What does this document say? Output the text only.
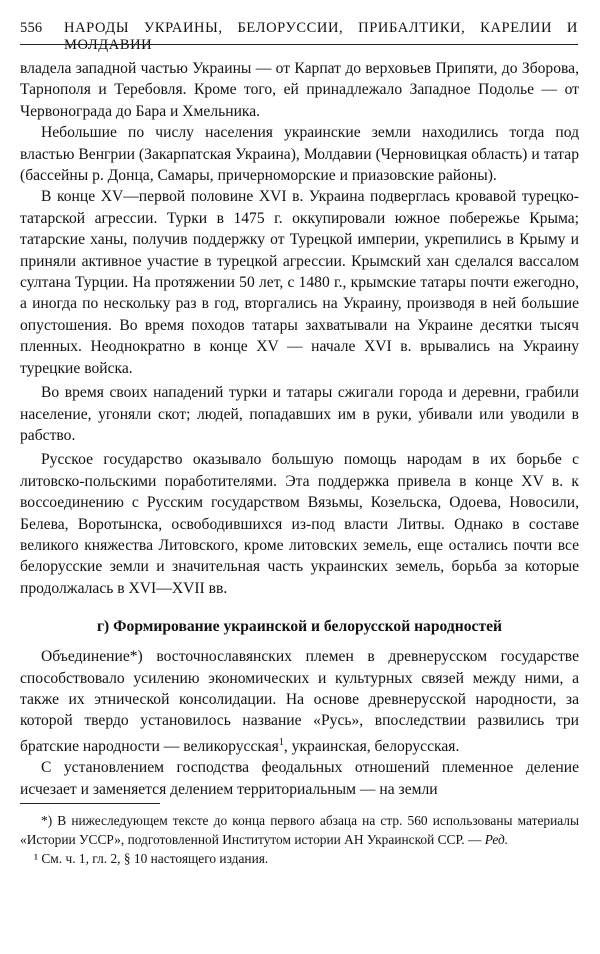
556 НАРОДЫ УКРАИНЫ, БЕЛОРУССИИ, ПРИБАЛТИКИ, КАРЕЛИИ И МОЛДАВИИ

владела западной частью Украины — от Карпат до верховьев Припяти, до Зборова, Тарнополя и Теребовля. Кроме того, ей принадлежало Западное Подолье — от Червонограда до Бара и Хмельника.

Небольшие по числу населения украинские земли находились тогда под властью Венгрии (Закарпатская Украина), Молдавии (Черновицкая область) и татар (бассейны р. Донца, Самары, причерноморские и приазовские районы).

В конце XV—первой половине XVI в. Украина подверглась кровавой турецко-татарской агрессии. Турки в 1475 г. оккупировали южное побережье Крыма; татарские ханы, получив поддержку от Турецкой империи, укрепились в Крыму и приняли активное участие в турецкой агрессии. Крымский хан сделался вассалом султана Турции. На протяжении 50 лет, с 1480 г., крымские татары почти ежегодно, а иногда по нескольку раз в год, вторгались на Украину, производя в ней большие опустошения. Во время походов татары захватывали на Украине десятки тысяч пленных. Неоднократно в конце XV — начале XVI в. врывались на Украину турецкие войска.

Во время своих нападений турки и татары сжигали города и деревни, грабили население, угоняли скот; людей, попадавших им в руки, убивали или уводили в рабство.

Русское государство оказывало большую помощь народам в их борьбе с литовско-польскими поработителями. Эта поддержка привела в конце XV в. к воссоединению с Русским государством Вязьмы, Козельска, Одоева, Новосили, Белева, Воротынска, освободившихся из-под власти Литвы. Однако в составе великого княжества Литовского, кроме литовских земель, еще остались почти все белорусские земли и значительная часть украинских земель, борьба за которые продолжалась в XVI—XVII вв.

г) Формирование украинской и белорусской народностей

Объединение*) восточнославянских племен в древнерусском государстве способствовало усилению экономических и культурных связей между ними, а также их этнической консолидации. На основе древнерусской народности, за которой твердо установилось название «Русь», впоследствии развились три братские народности — великорусская$^1$, украинская, белорусская.

С установлением господства феодальных отношений племенное деление исчезает и заменяется делением территориальным — на земли

*) В нижеследующем тексте до конца первого абзаца на стр. 560 использованы материалы «Истории УССР», подготовленной Институтом истории АН Украинской ССР. — Ред.

¹ См. ч. 1, гл. 2, § 10 настоящего издания.
